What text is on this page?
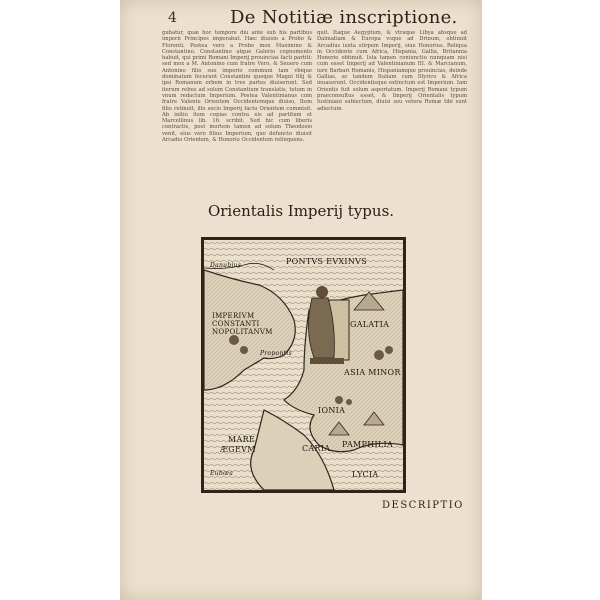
4	De Notitiæ inscriptione.
gubatur, quæ hoc tempore diu ante sub his partibus imperii Principes imperabat. Hæc diuisio a Probo & Florenti. Postea vero a Probo mox Maximino & Constantino. Constantino atque Galerio cognomento habuit, qui primi Romani Imperij prouincias facti partiti: sed mox a M. Antonino cum fratre Vero, & Seuero cum Antonino filio suo imperio communi tam vbique dominatum fecerunt Constantini quoque Magni filij & ipsi Romanum orbem in tres partes diuiserunt. Sed iterum rebus ad solum Constantium translatis, totum in vnum redactum Imperium. Postea Valentinianus cum fratre Valente Orientem Occidentemque diuiso, Item filio retinuit, illo socio Imperij facto Orientem commisit. Ab initio item copias contra eis ad partitum et Marcellinus lib. 16. scribit. Sed hic cum liberis contractis, post mortem tamen ad solum Theodosio venit, eius vero filius Imperium, quo defuncto diuisit Arcadio Orientem, & Honorio Occidentem relinquens.
quit. Itaque Aegyptum, & vtraque Libya absque ad Dalmatiam & Europa vsque ad Drinum, obtinuit Arcadius iuxta stirpem Imperij, siue Honorius. Reliqua in Occidente cum Africa, Hispania, Gallia, Britannia Honorio obtinuit. Ista tamen coniunctio nunquam nisi cum esset Imperij ad Valentinianum III. & Marcianum, iure Barbari Romanis, Hispaniamque prouincias, deinde Gallias, ac tandem Italiam cum Illyrico & Africa inuaserunt. Occidentisque extinctum est Imperium. Iam Orientis fuit solum asportatum. Imperij Romani typum praeconsultus esset, & Imperij Orientalis typum Iustiniani subiectum, diuisi seu vetera Romæ tibi sunt adiectum.
Orientalis Imperij typus.
Danubius	PONTVS EVXINVS
IMPERIVM
CONSTANTI
NOPOLITANVM
Propontis
GALATIA
ASIA MINOR
IONIA
MARE
ÆGEVM	CARIA PAMPHILIA
LYCIA
Eubœa
DESCRIPTIO
